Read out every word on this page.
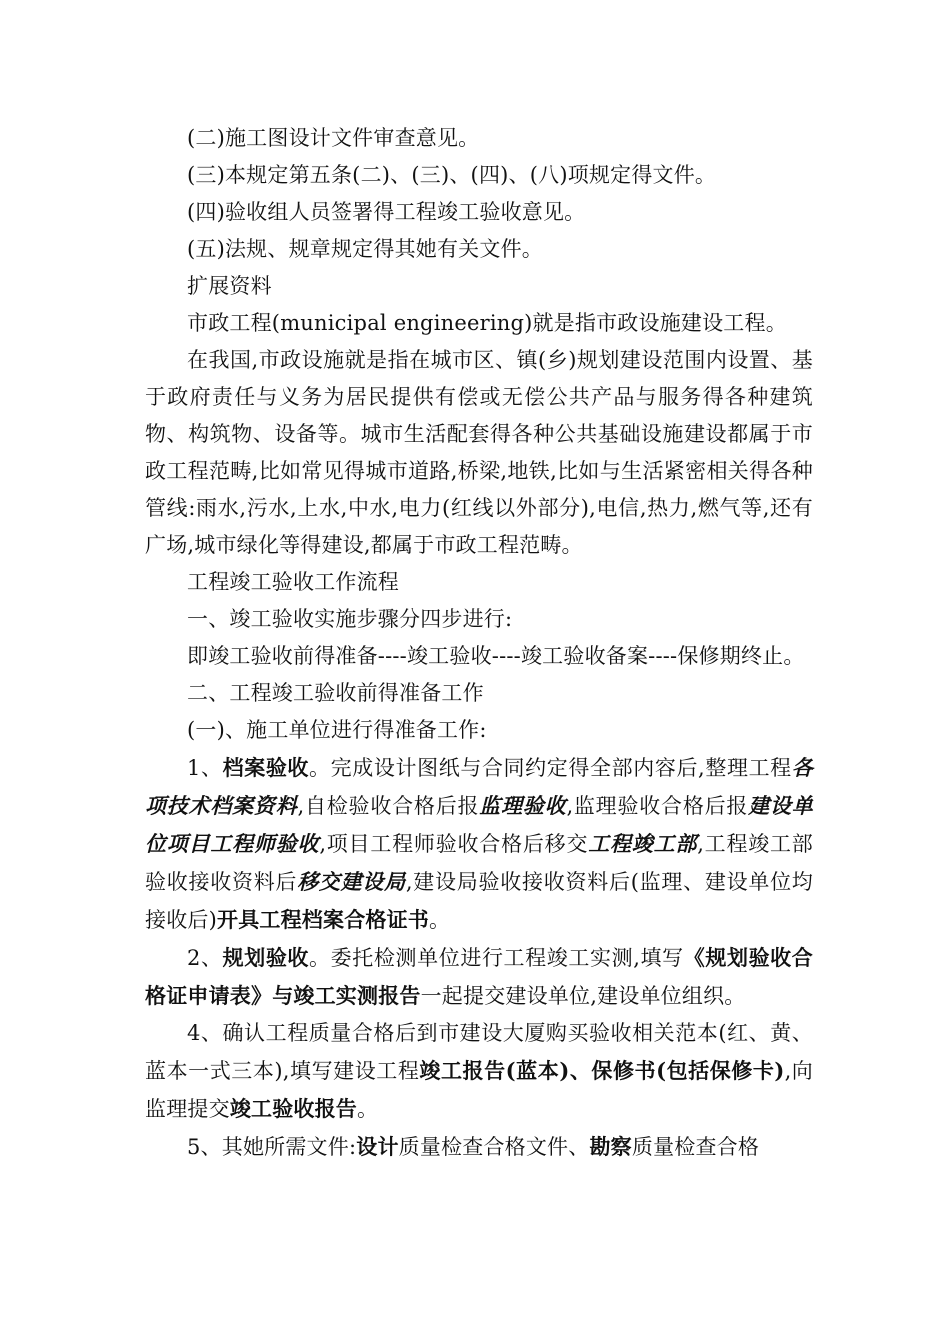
(二)施工图设计文件审查意见。

(三)本规定第五条(二)、(三)、(四)、(八)项规定得文件。

(四)验收组人员签署得工程竣工验收意见。

(五)法规、规章规定得其她有关文件。

扩展资料

市政工程(municipal engineering)就是指市政设施建设工程。

在我国,市政设施就是指在城市区、镇(乡)规划建设范围内设置、基于政府责任与义务为居民提供有偿或无偿公共产品与服务得各种建筑物、构筑物、设备等。城市生活配套得各种公共基础设施建设都属于市政工程范畴,比如常见得城市道路,桥梁,地铁,比如与生活紧密相关得各种管线:雨水,污水,上水,中水,电力(红线以外部分),电信,热力,燃气等,还有广场,城市绿化等得建设,都属于市政工程范畴。

工程竣工验收工作流程

一、竣工验收实施步骤分四步进行:

即竣工验收前得准备----竣工验收----竣工验收备案----保修期终止。

二、工程竣工验收前得准备工作

(一)、施工单位进行得准备工作:

1、档案验收。完成设计图纸与合同约定得全部内容后,整理工程各项技术档案资料,自检验收合格后报监理验收,监理验收合格后报建设单位项目工程师验收,项目工程师验收合格后移交工程竣工部,工程竣工部验收接收资料后移交建设局,建设局验收接收资料后(监理、建设单位均接收后)开具工程档案合格证书。

2、规划验收。委托检测单位进行工程竣工实测,填写《规划验收合格证申请表》与竣工实测报告一起提交建设单位,建设单位组织。

4、确认工程质量合格后到市建设大厦购买验收相关范本(红、黄、蓝本一式三本),填写建设工程竣工报告(蓝本)、保修书(包括保修卡),向监理提交竣工验收报告。

5、其她所需文件:设计质量检查合格文件、勘察质量检查合格
